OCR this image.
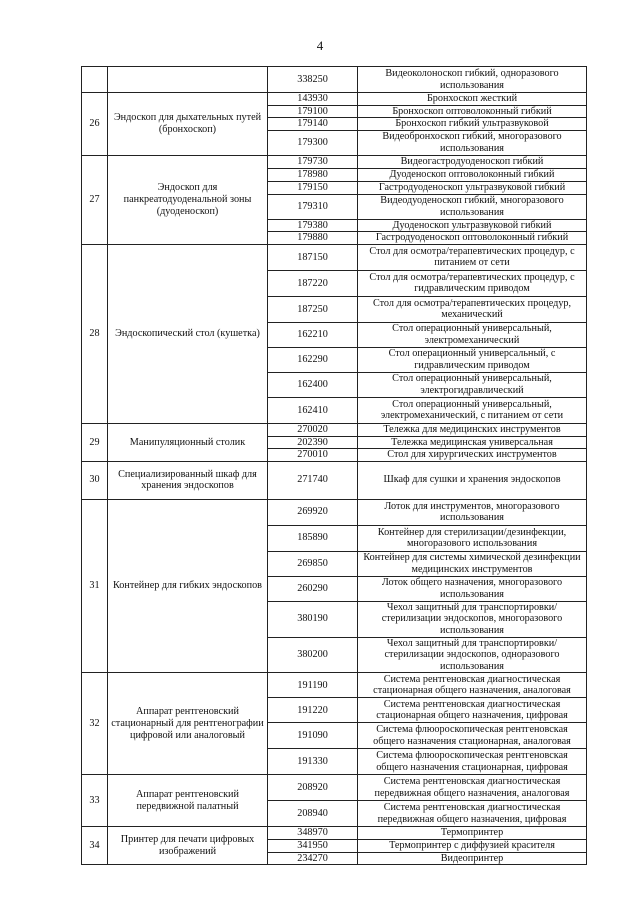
4
		338250	Видеоколоноскоп гибкий, одноразового использования
26	Эндоскоп для дыхательных путей (бронхоскоп)	143930	Бронхоскоп жесткий
		179100	Бронхоскоп оптоволоконный гибкий
		179140	Бронхоскоп гибкий ультразвуковой
		179300	Видеобронхоскоп гибкий, многоразового использования
27	Эндоскоп для панкреатодуоденальной зоны (дуоденоскоп)	179730	Видеогастродуоденоскоп гибкий
		178980	Дуоденоскоп оптоволоконный гибкий
		179150	Гастродуоденоскоп ультразвуковой гибкий
		179310	Видеодуоденоскоп гибкий, многоразового использования
		179380	Дуоденоскоп ультразвуковой гибкий
		179880	Гастродуоденоскоп оптоволоконный гибкий
28	Эндоскопический стол (кушетка)	187150	Стол для осмотра/терапевтических процедур, с питанием от сети
		187220	Стол для осмотра/терапевтических процедур, с гидравлическим приводом
		187250	Стол для осмотра/терапевтических процедур, механический
		162210	Стол операционный универсальный, электромеханический
		162290	Стол операционный универсальный, с гидравлическим приводом
		162400	Стол операционный универсальный, электрогидравлический
		162410	Стол операционный универсальный, электромеханический, с питанием от сети
29	Манипуляционный столик	270020	Тележка для медицинских инструментов
		202390	Тележка медицинская универсальная
		270010	Стол для хирургических инструментов
30	Специализированный шкаф для хранения эндоскопов	271740	Шкаф для сушки и хранения эндоскопов
31	Контейнер для гибких эндоскопов	269920	Лоток для инструментов, многоразового использования
		185890	Контейнер для стерилизации/дезинфекции, многоразового использования
		269850	Контейнер для системы химической дезинфекции медицинских инструментов
		260290	Лоток общего назначения, многоразового использования
		380190	Чехол защитный для транспортировки/стерилизации эндоскопов, многоразового использования
		380200	Чехол защитный для транспортировки/стерилизации эндоскопов, одноразового использования
32	Аппарат рентгеновский стационарный для рентгенографии цифровой или аналоговый	191190	Система рентгеновская диагностическая стационарная общего назначения, аналоговая
		191220	Система рентгеновская диагностическая стационарная общего назначения, цифровая
		191090	Система флюороскопическая рентгеновская общего назначения стационарная, аналоговая
		191330	Система флюороскопическая рентгеновская общего назначения стационарная, цифровая
33	Аппарат рентгеновский передвижной палатный	208920	Система рентгеновская диагностическая передвижная общего назначения, аналоговая
		208940	Система рентгеновская диагностическая передвижная общего назначения, цифровая
34	Принтер для печати цифровых изображений	348970	Термопринтер
		341950	Термопринтер с диффузией красителя
		234270	Видеопринтер
